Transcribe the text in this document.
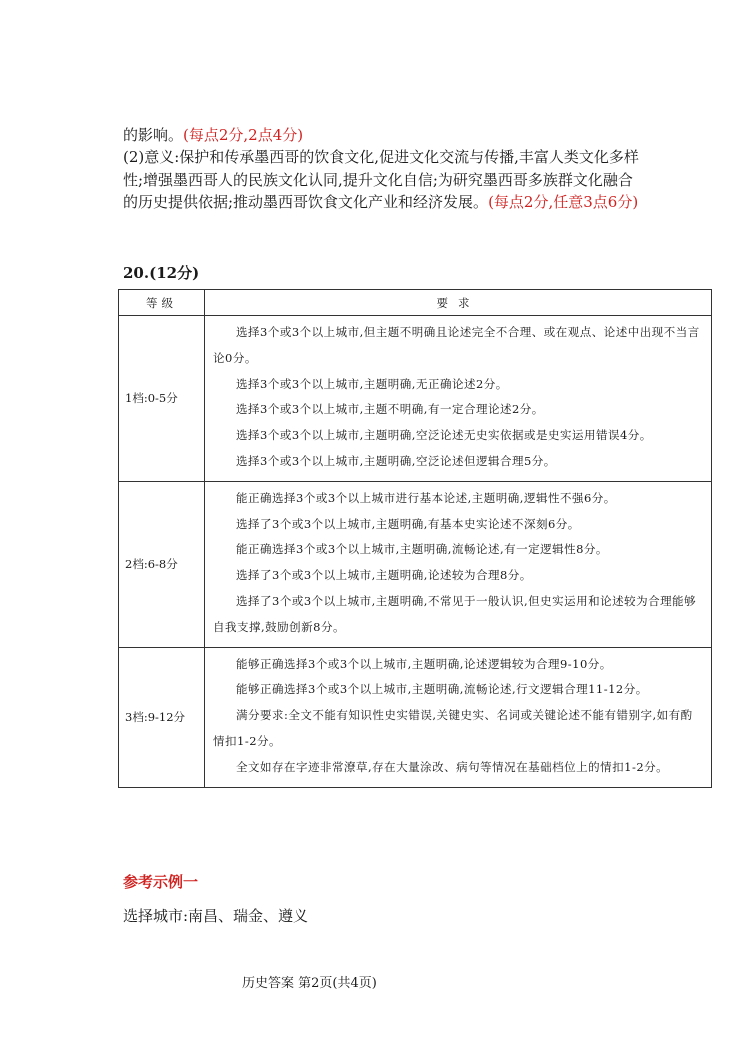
的影响。(每点2分,2点4分)
(2)意义:保护和传承墨西哥的饮食文化,促进文化交流与传播,丰富人类文化多样性;增强墨西哥人的民族文化认同,提升文化自信;为研究墨西哥多族群文化融合的历史提供依据;推动墨西哥饮食文化产业和经济发展。(每点2分,任意3点6分)
20.(12分)
等级	要求
1档:0-5分	选择3个或3个以上城市,但主题不明确且论述完全不合理、或在观点、论述中出现不当言论0分。

选择3个或3个以上城市,主题明确,无正确论述2分。

选择3个或3个以上城市,主题不明确,有一定合理论述2分。

选择3个或3个以上城市,主题明确,空泛论述无史实依据或是史实运用错误4分。

选择3个或3个以上城市,主题明确,空泛论述但逻辑合理5分。

2档:6-8分	能正确选择3个或3个以上城市进行基本论述,主题明确,逻辑性不强6分。

选择了3个或3个以上城市,主题明确,有基本史实论述不深刻6分。

能正确选择3个或3个以上城市,主题明确,流畅论述,有一定逻辑性8分。

选择了3个或3个以上城市,主题明确,论述较为合理8分。

选择了3个或3个以上城市,主题明确,不常见于一般认识,但史实运用和论述较为合理能够自我支撑,鼓励创新8分。

3档:9-12分	能够正确选择3个或3个以上城市,主题明确,论述逻辑较为合理9-10分。

能够正确选择3个或3个以上城市,主题明确,流畅论述,行文逻辑合理11-12分。

满分要求:全文不能有知识性史实错误,关键史实、名词或关键论述不能有错别字,如有酌情扣1-2分。

全文如存在字迹非常潦草,存在大量涂改、病句等情况在基础档位上的情扣1-2分。

参考示例一
选择城市:南昌、瑞金、遵义
历史答案 第2页(共4页)
